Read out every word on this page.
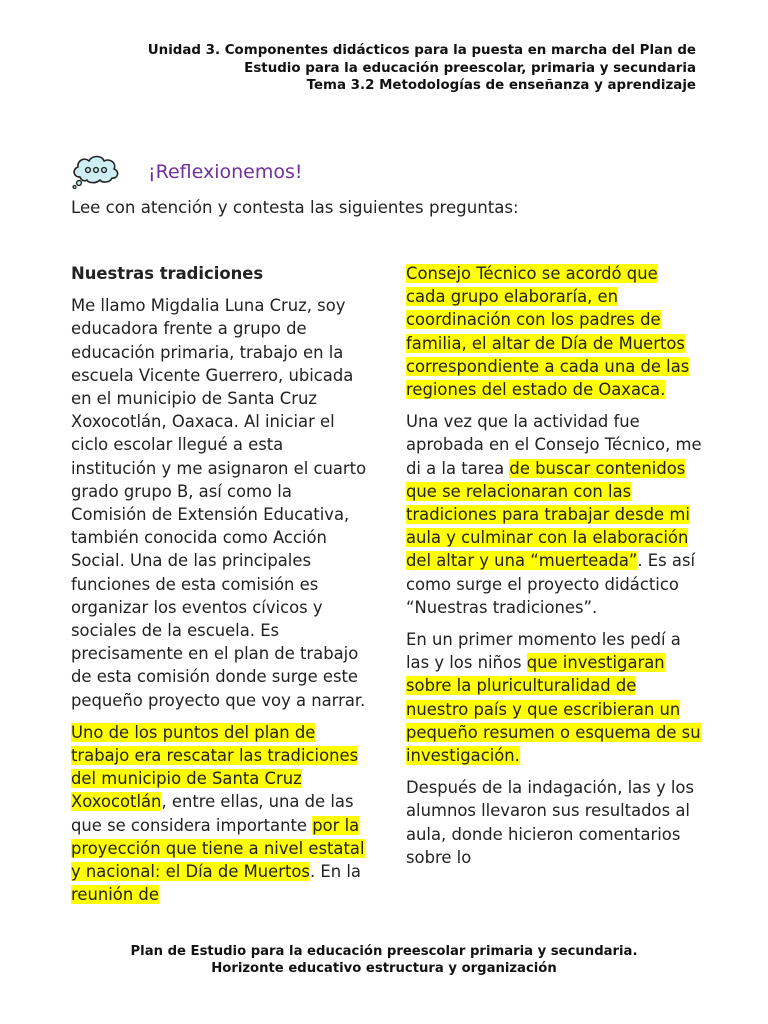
Unidad 3. Componentes didácticos para la puesta en marcha del Plan de
Estudio para la educación preescolar, primaria y secundaria
Tema 3.2 Metodologías de enseñanza y aprendizaje
¡Reflexionemos!
Lee con atención y contesta las siguientes preguntas:

Nuestras tradiciones

Me llamo Migdalia Luna Cruz, soy educadora frente a grupo de educación primaria, trabajo en la escuela Vicente Guerrero, ubicada en el municipio de Santa Cruz Xoxocotlán, Oaxaca. Al iniciar el ciclo escolar llegué a esta institución y me asignaron el cuarto grado grupo B, así como la Comisión de Extensión Educativa, también conocida como Acción Social. Una de las principales funciones de esta comisión es organizar los eventos cívicos y sociales de la escuela. Es precisamente en el plan de trabajo de esta comisión donde surge este pequeño proyecto que voy a narrar.

Uno de los puntos del plan de trabajo era rescatar las tradiciones del municipio de Santa Cruz Xoxocotlán, entre ellas, una de las que se considera importante por la proyección que tiene a nivel estatal y nacional: el Día de Muertos. En la reunión de

Consejo Técnico se acordó que cada grupo elaboraría, en coordinación con los padres de familia, el altar de Día de Muertos correspondiente a cada una de las regiones del estado de Oaxaca.

Una vez que la actividad fue aprobada en el Consejo Técnico, me di a la tarea de buscar contenidos que se relacionaran con las tradiciones para trabajar desde mi aula y culminar con la elaboración del altar y una “muerteada”. Es así como surge el proyecto didáctico “Nuestras tradiciones”.

En un primer momento les pedí a las y los niños que investigaran sobre la pluriculturalidad de nuestro país y que escribieran un pequeño resumen o esquema de su investigación.

Después de la indagación, las y los alumnos llevaron sus resultados al aula, donde hicieron comentarios sobre lo

Plan de Estudio para la educación preescolar primaria y secundaria.
Horizonte educativo estructura y organización
